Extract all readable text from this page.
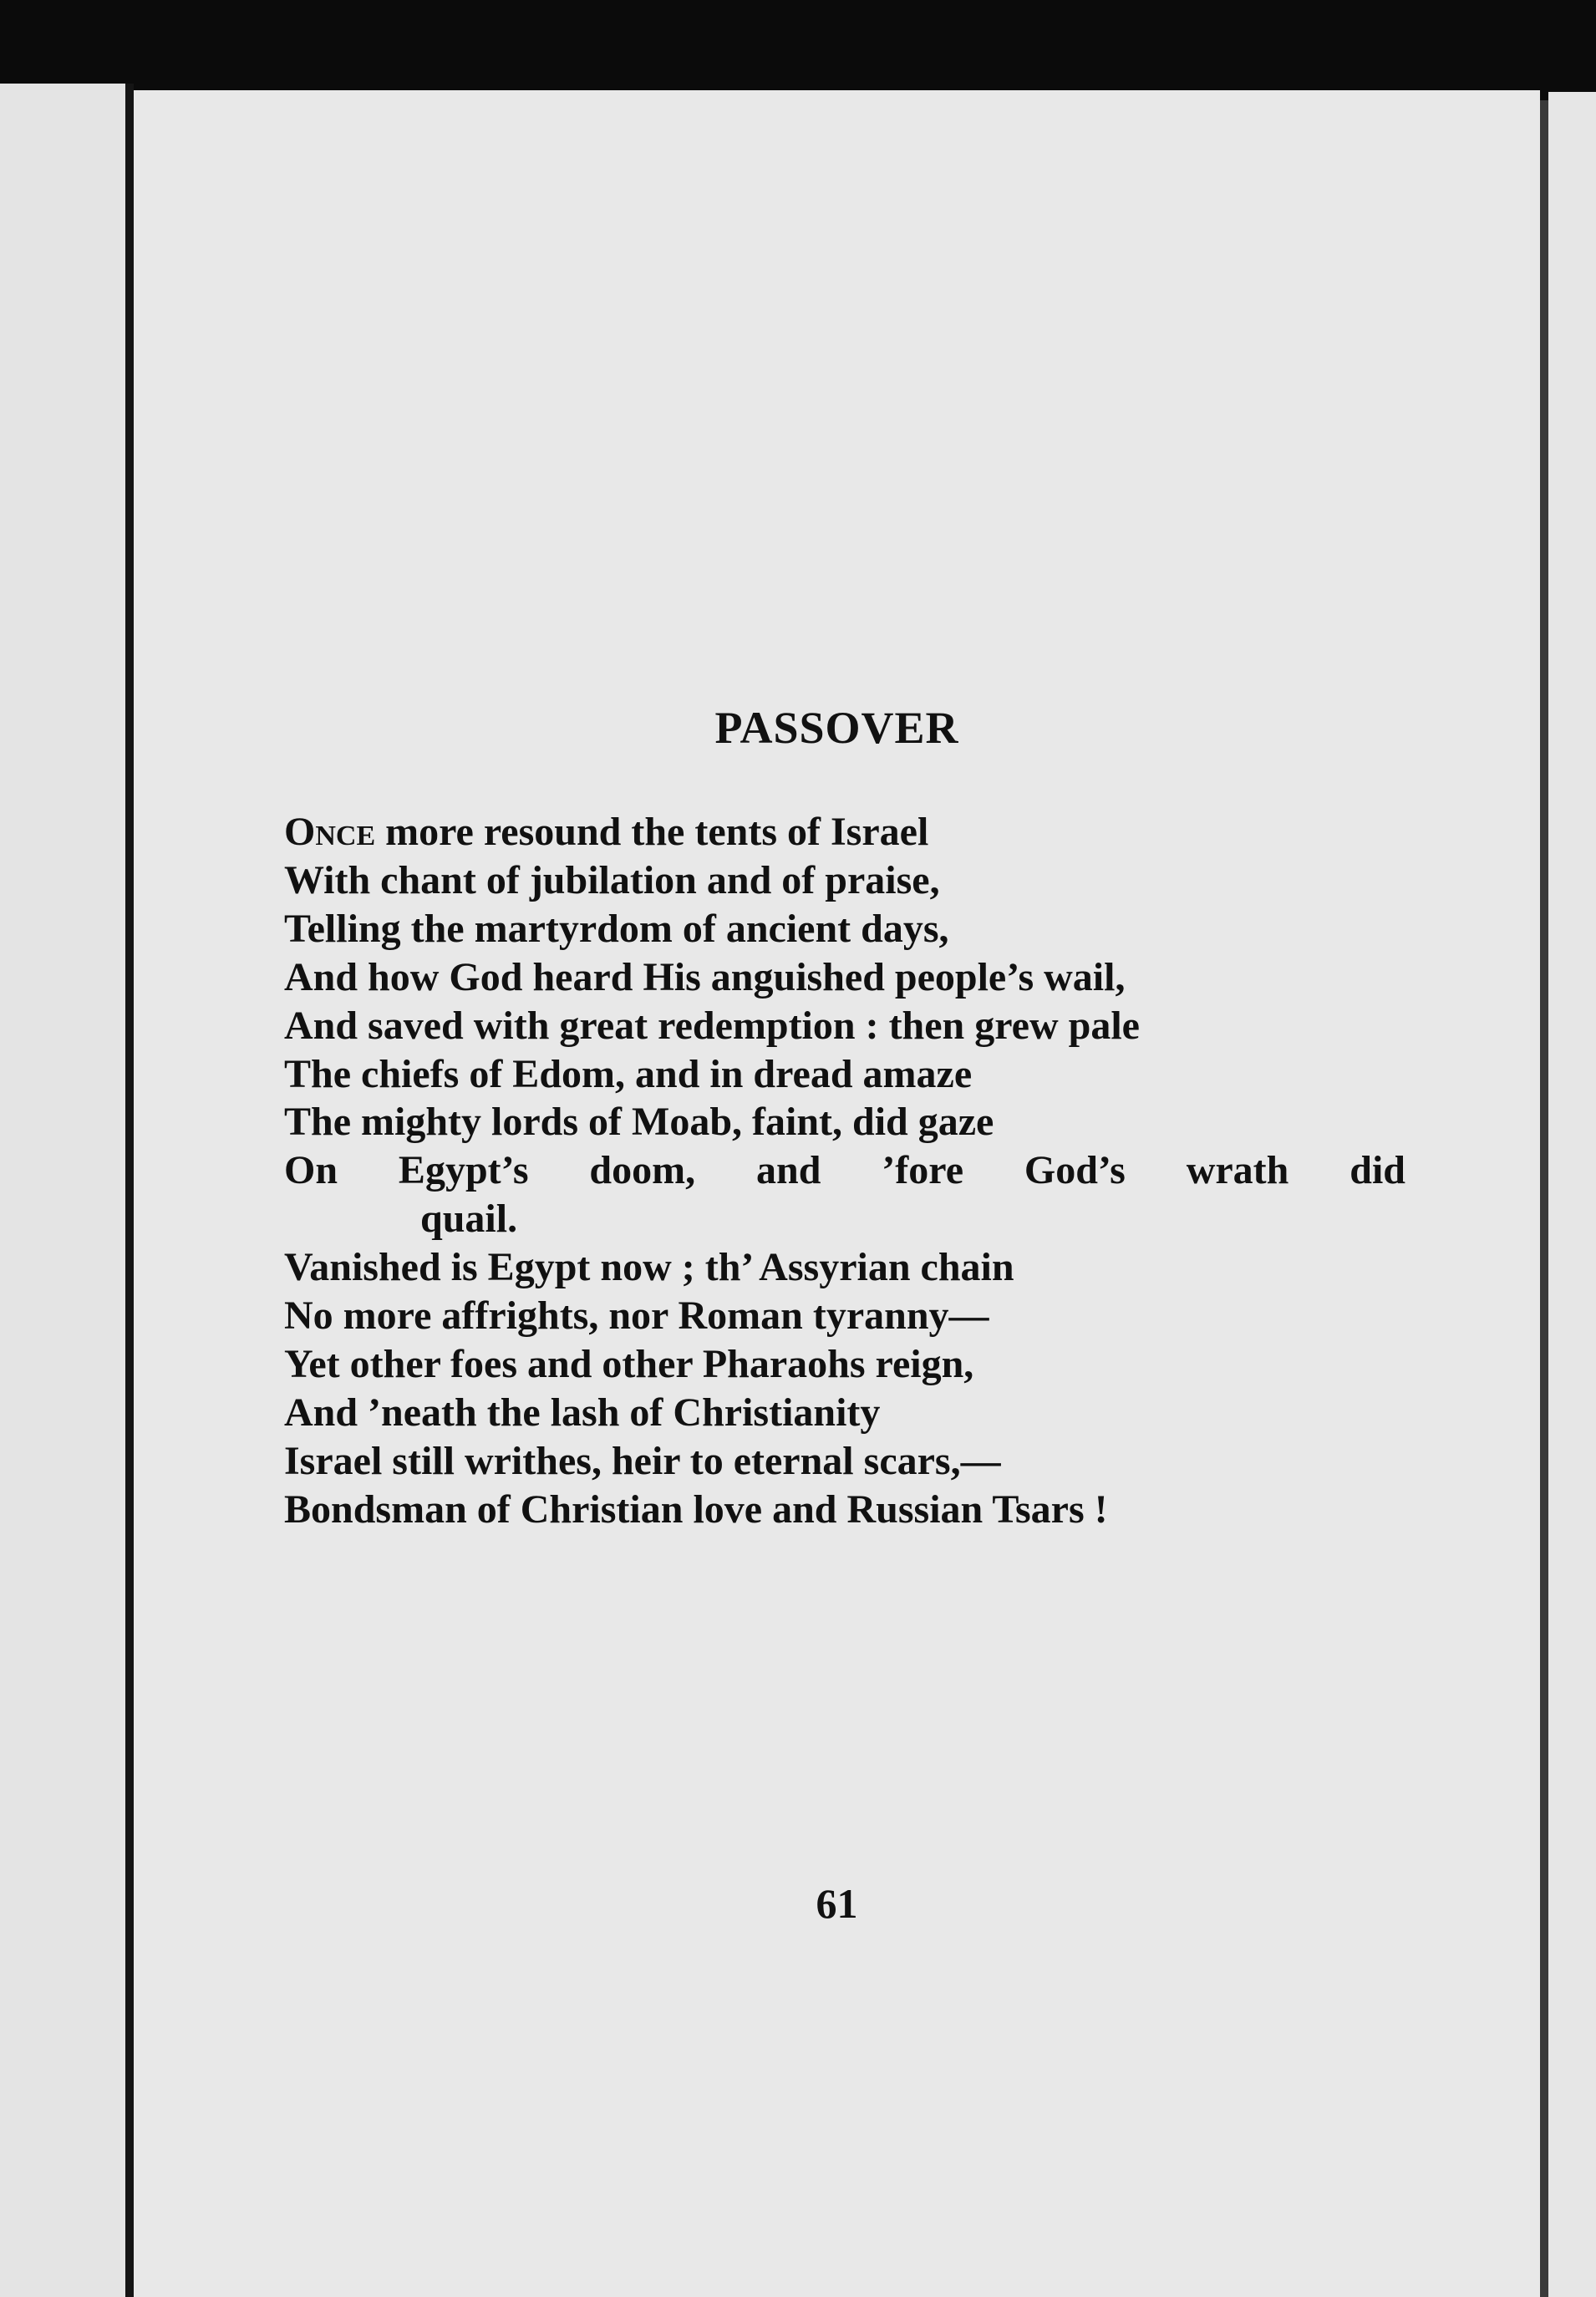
PASSOVER
Once more resound the tents of Israel
With chant of jubilation and of praise,
Telling the martyrdom of ancient days,
And how God heard His anguished people’s wail,
And saved with great redemption : then grew pale
The chiefs of Edom, and in dread amaze
The mighty lords of Moab, faint, did gaze
On Egypt’s doom, and ’fore God’s wrath did
quail.
Vanished is Egypt now ; th’ Assyrian chain
No more affrights, nor Roman tyranny—
Yet other foes and other Pharaohs reign,
And ’neath the lash of Christianity
Israel still writhes, heir to eternal scars,—
Bondsman of Christian love and Russian Tsars !
61
